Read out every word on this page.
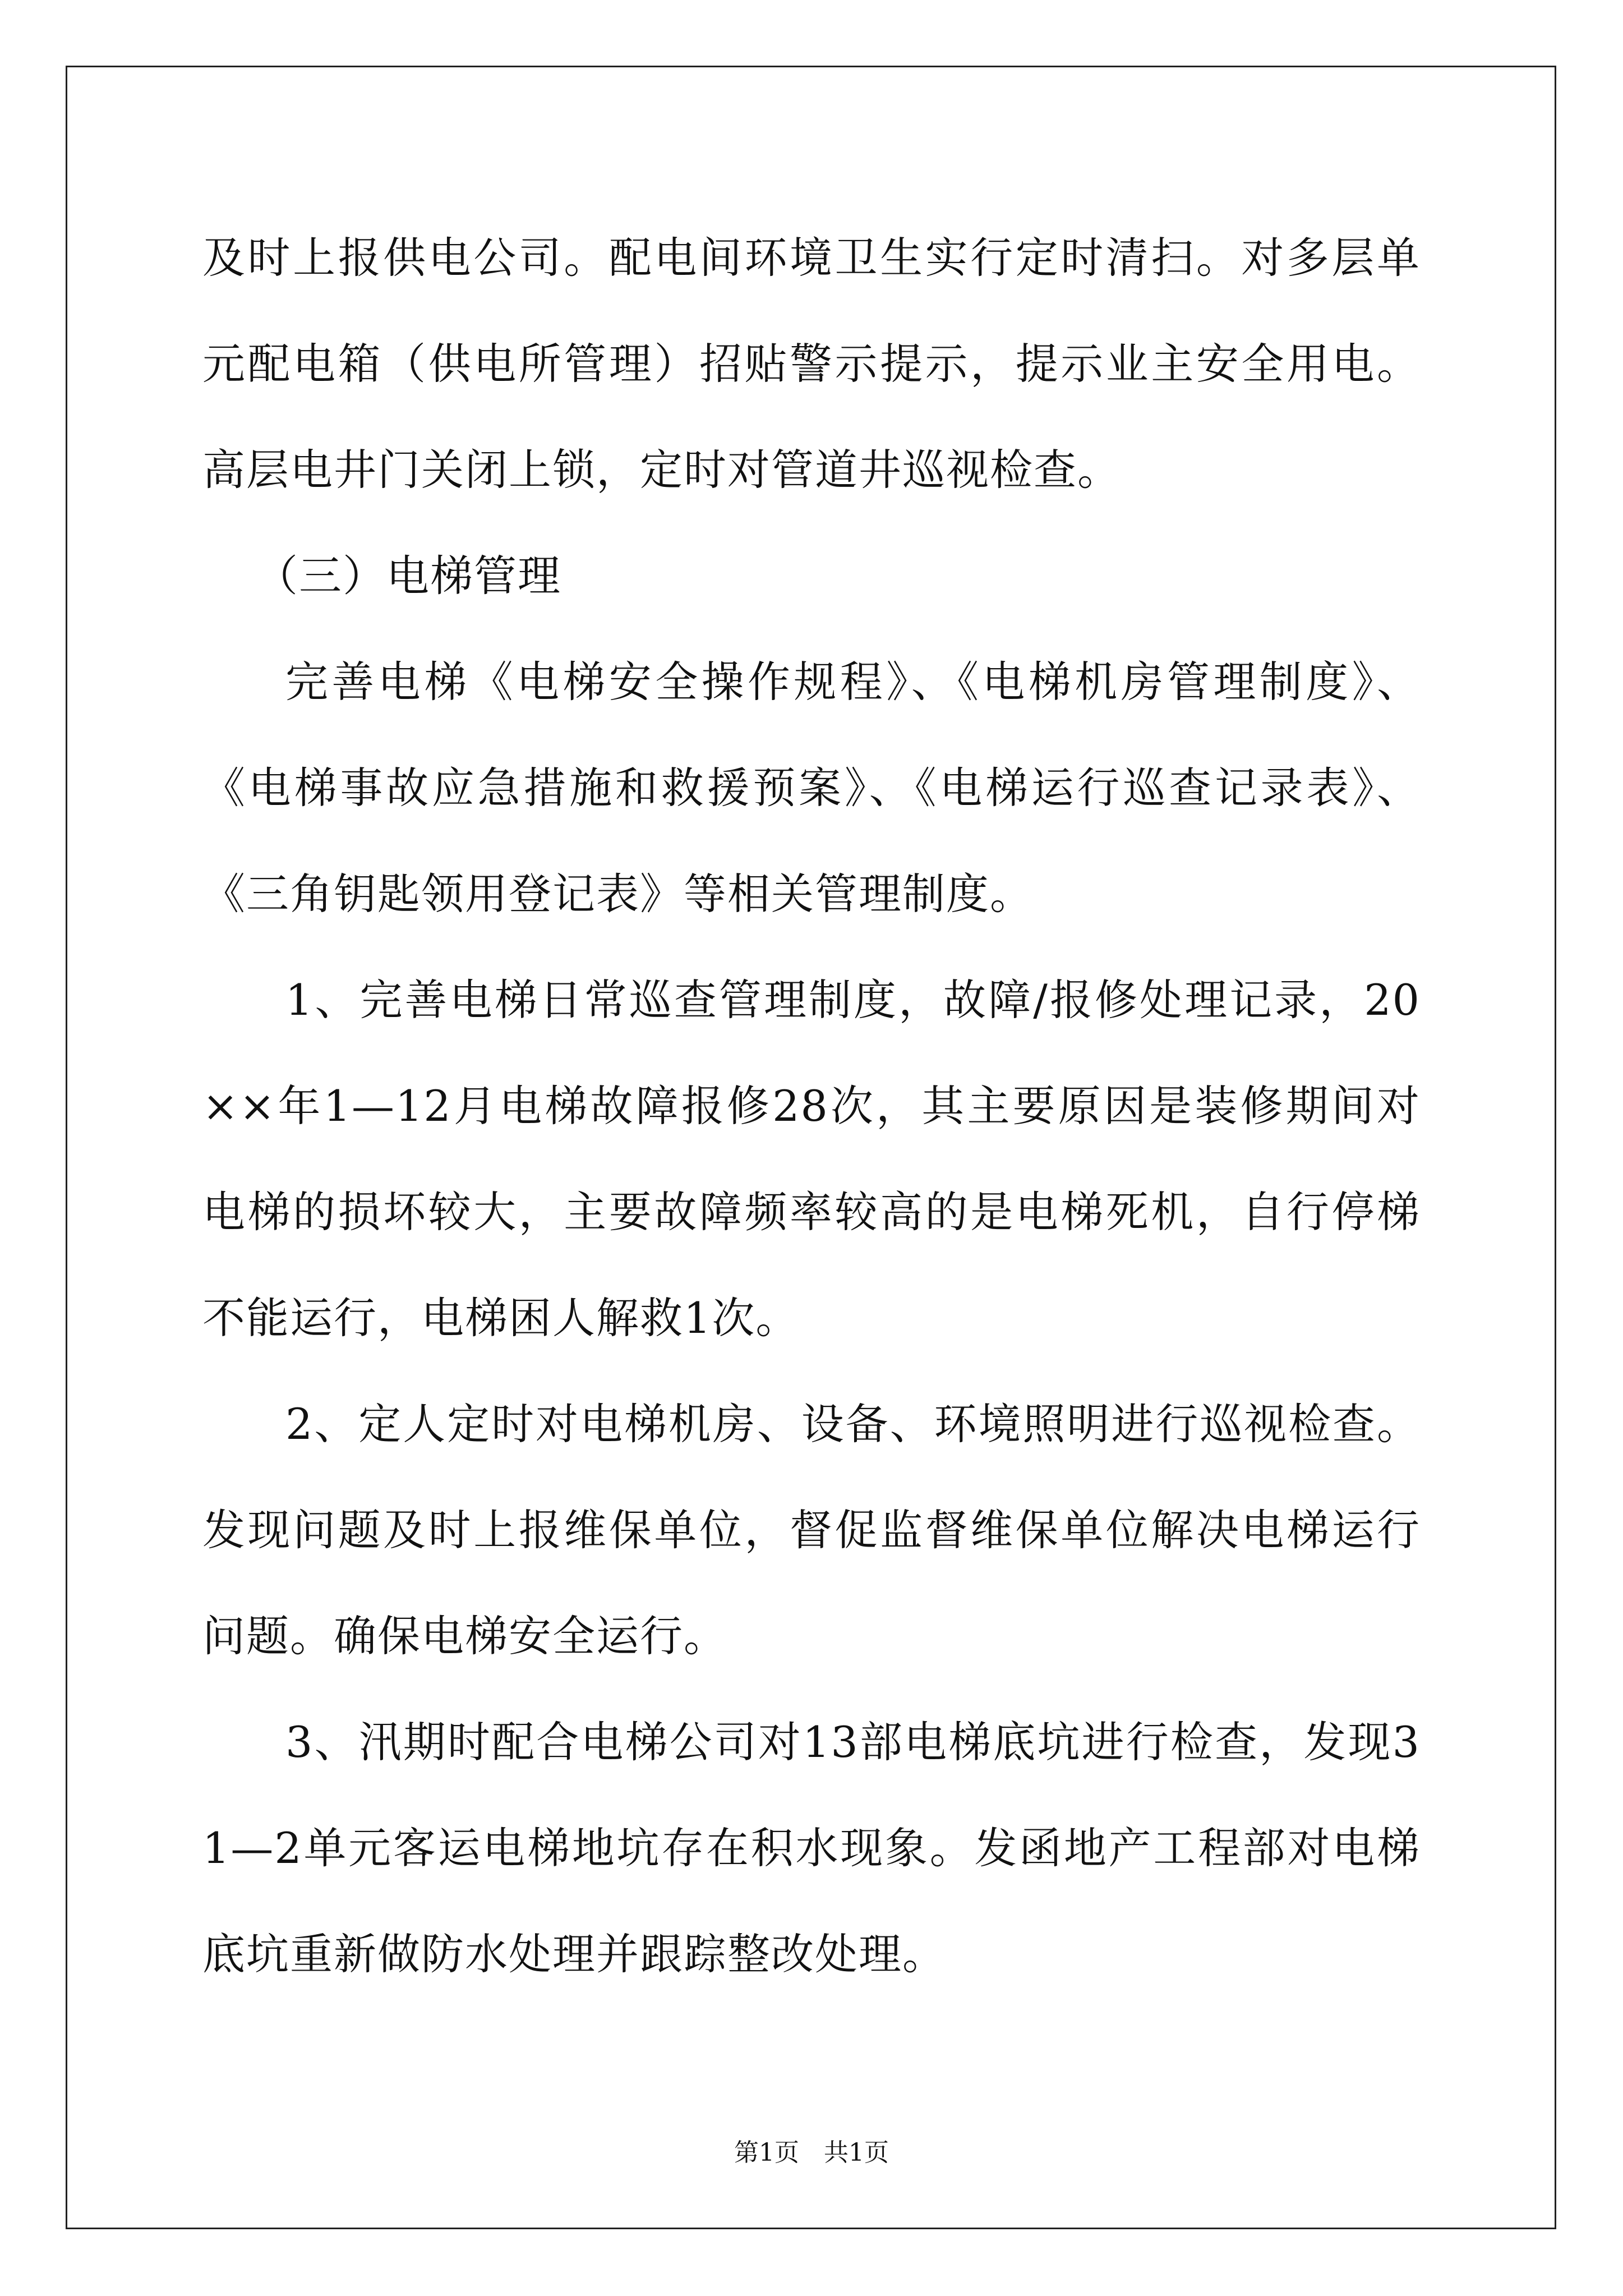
及时上报供电公司。配电间环境卫生实行定时清扫。对多层单元配电箱（供电所管理）招贴警示提示，提示业主安全用电。高层电井门关闭上锁，定时对管道井巡视检查。

（三）电梯管理

完善电梯《电梯安全操作规程》、《电梯机房管理制度》、《电梯事故应急措施和救援预案》、《电梯运行巡查记录表》、《三角钥匙领用登记表》等相关管理制度。

1、完善电梯日常巡查管理制度，故障/报修处理记录，20××年1—12月电梯故障报修28次，其主要原因是装修期间对电梯的损坏较大，主要故障频率较高的是电梯死机，自行停梯不能运行，电梯困人解救1次。

2、定人定时对电梯机房、设备、环境照明进行巡视检查。发现问题及时上报维保单位，督促监督维保单位解决电梯运行问题。确保电梯安全运行。

3、汛期时配合电梯公司对13部电梯底坑进行检查，发现31—2单元客运电梯地坑存在积水现象。发函地产工程部对电梯底坑重新做防水处理并跟踪整改处理。

第1页　共1页
